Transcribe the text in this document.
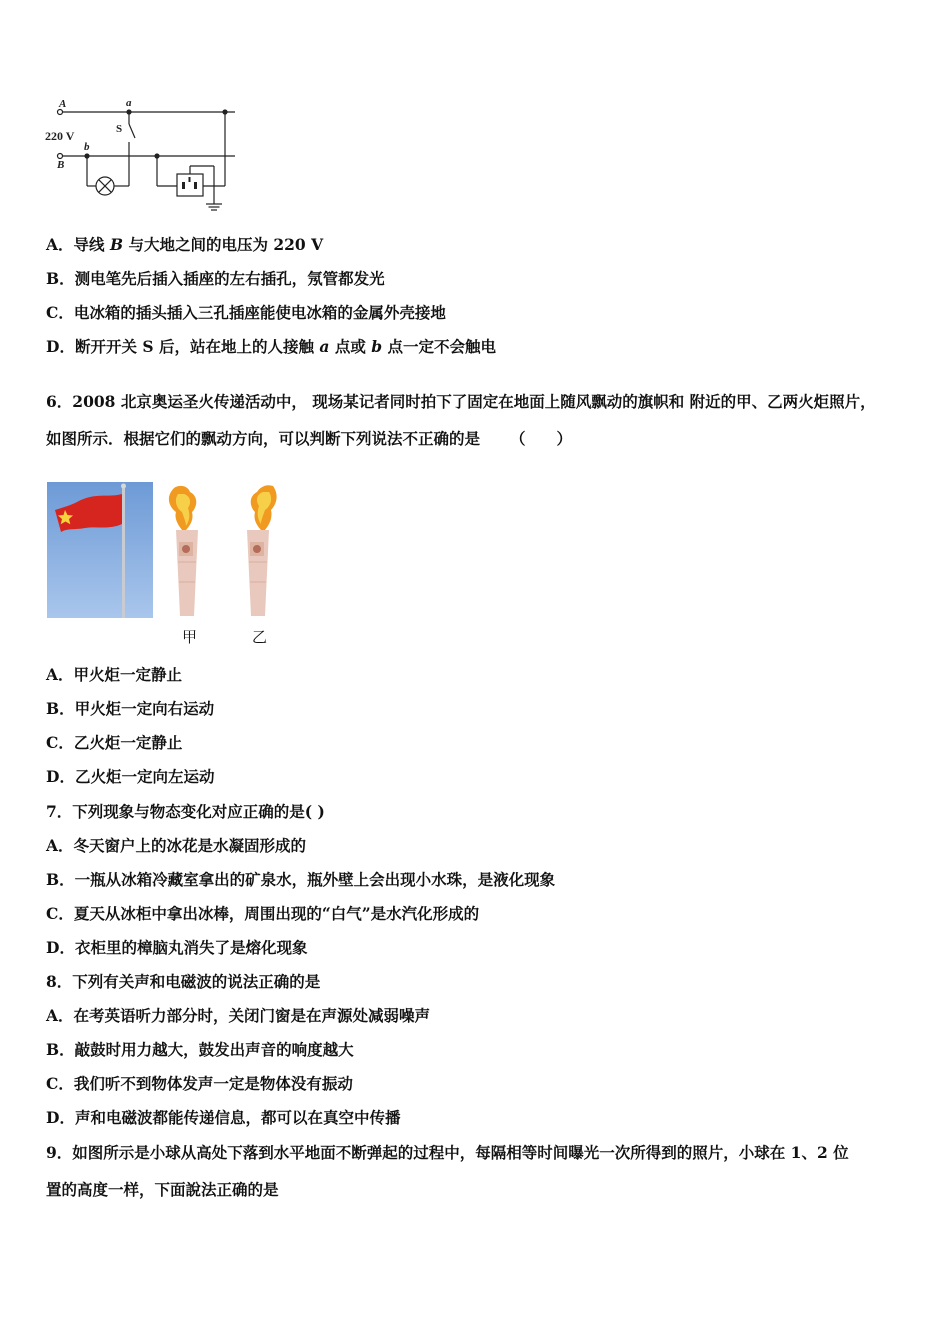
A
220 V
B
a
S
b
A．导线 B 与大地之间的电压为 220 V
B．测电笔先后插入插座的左右插孔，氖管都发光
C．电冰箱的插头插入三孔插座能使电冰箱的金属外壳接地
D．断开开关 S 后，站在地上的人接触 a 点或 b 点一定不会触电
6．2008 北京奥运圣火传递活动中， 现场某记者同时拍下了固定在地面上随风飘动的旗帜和 附近的甲、乙两火炬照片，
如图所示．根据它们的飘动方向，可以判断下列说法不正确的是 （　　）
甲	乙
A．甲火炬一定静止
B．甲火炬一定向右运动
C．乙火炬一定静止
D．乙火炬一定向左运动
7．下列现象与物态变化对应正确的是( )
A．冬天窗户上的冰花是水凝固形成的
B．一瓶从冰箱冷藏室拿出的矿泉水，瓶外壁上会出现小水珠，是液化现象
C．夏天从冰柜中拿出冰棒，周围出现的“白气”是水汽化形成的
D．衣柜里的樟脑丸消失了是熔化现象
8．下列有关声和电磁波的说法正确的是
A．在考英语听力部分时，关闭门窗是在声源处减弱噪声
B．敲鼓时用力越大，鼓发出声音的响度越大
C．我们听不到物体发声一定是物体没有振动
D．声和电磁波都能传递信息，都可以在真空中传播
9．如图所示是小球从高处下落到水平地面不断弹起的过程中，每隔相等时间曝光一次所得到的照片，小球在 1、2 位
置的高度一样，下面說法正确的是
